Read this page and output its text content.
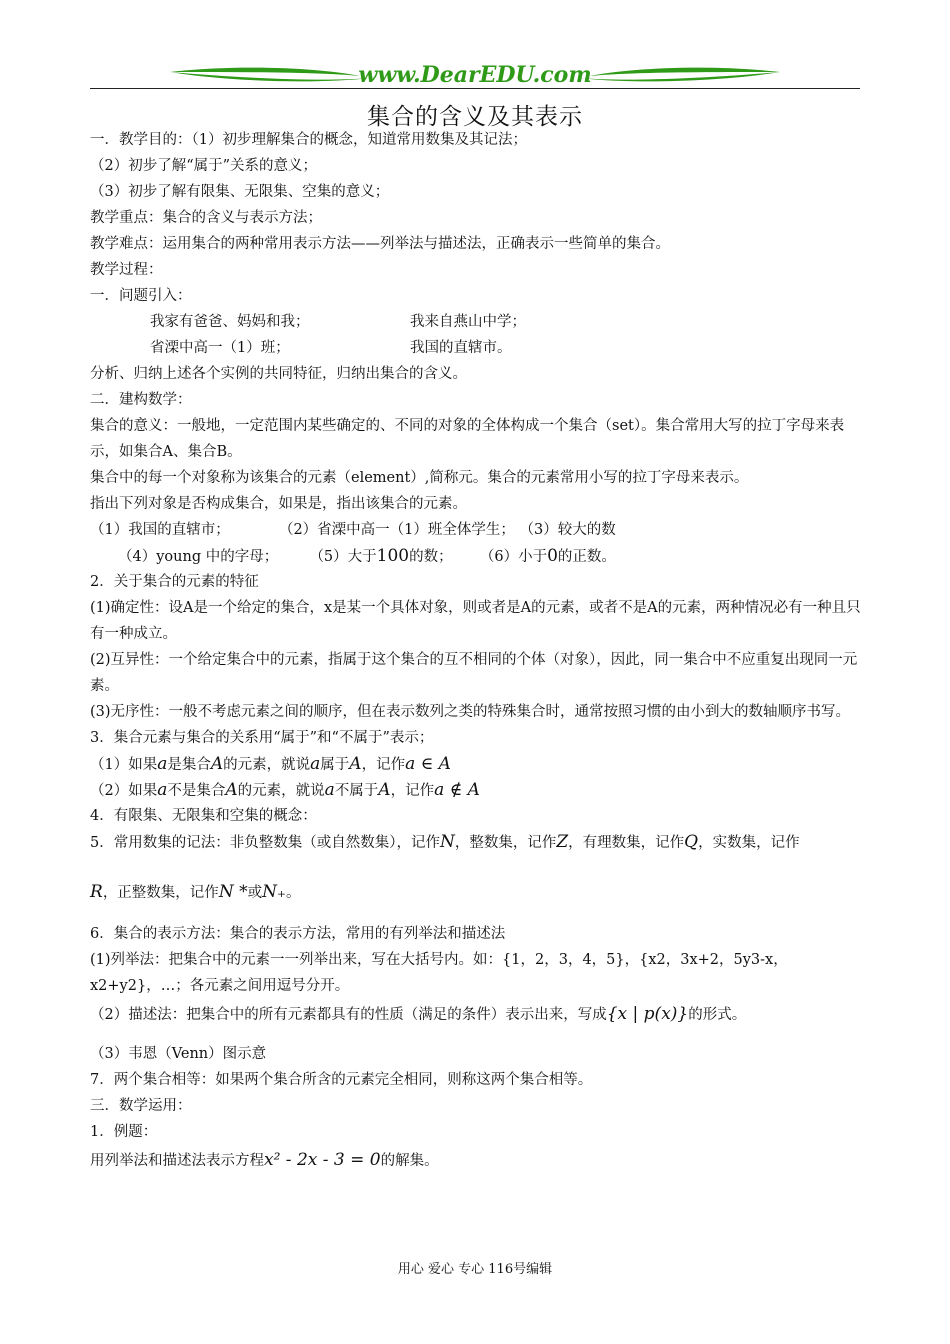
www.DearEDU.com
集合的含义及其表示
一．教学目的：（1）初步理解集合的概念，知道常用数集及其记法；
（2）初步了解“属于”关系的意义；
（3）初步了解有限集、无限集、空集的意义；
教学重点：集合的含义与表示方法；
教学难点：运用集合的两种常用表示方法——列举法与描述法，正确表示一些简单的集合。
教学过程：
一．问题引入：
我家有爸爸、妈妈和我；	我来自燕山中学；
省溧中高一（1）班；	我国的直辖市。
分析、归纳上述各个实例的共同特征，归纳出集合的含义。
二．建构数学：
集合的意义：一般地，一定范围内某些确定的、不同的对象的全体构成一个集合（set）。集合常用大写的拉丁字母来表示，如集合A、集合B。
集合中的每一个对象称为该集合的元素（element）,简称元。集合的元素常用小写的拉丁字母来表示。
指出下列对象是否构成集合，如果是，指出该集合的元素。
（1）我国的直辖市；	（2）省溧中高一（1）班全体学生； （3）较大的数
（4）young 中的字母； （5）大于100的数； （6）小于0的正数。
2．关于集合的元素的特征
(1)确定性：设A是一个给定的集合，x是某一个具体对象，则或者是A的元素，或者不是A的元素，两种情况必有一种且只有一种成立。
(2)互异性：一个给定集合中的元素，指属于这个集合的互不相同的个体（对象），因此，同一集合中不应重复出现同一元素。
(3)无序性：一般不考虑元素之间的顺序，但在表示数列之类的特殊集合时，通常按照习惯的由小到大的数轴顺序书写。
3．集合元素与集合的关系用“属于”和“不属于”表示；
（1）如果a是集合A的元素，就说a属于A，记作a ∈ A
（2）如果a不是集合A的元素，就说a不属于A，记作a ∉ A
4．有限集、无限集和空集的概念：
5．常用数集的记法：非负整数集（或自然数集），记作N，整数集，记作Z，有理数集，记作Q，实数集，记作
R，正整数集，记作N *或N₊。
6．集合的表示方法：集合的表示方法，常用的有列举法和描述法
(1)列举法：把集合中的元素一一列举出来，写在大括号内。如：{1，2，3，4，5}，{x2，3x+2，5y3-x，x2+y2}，…；各元素之间用逗号分开。
（2）描述法：把集合中的所有元素都具有的性质（满足的条件）表示出来，写成{x | p(x)}的形式。
（3）韦恩（Venn）图示意
7．两个集合相等：如果两个集合所含的元素完全相同，则称这两个集合相等。
三．数学运用：
1．例题：
用列举法和描述法表示方程x² - 2x - 3 = 0的解集。
用心 爱心 专心 116号编辑
